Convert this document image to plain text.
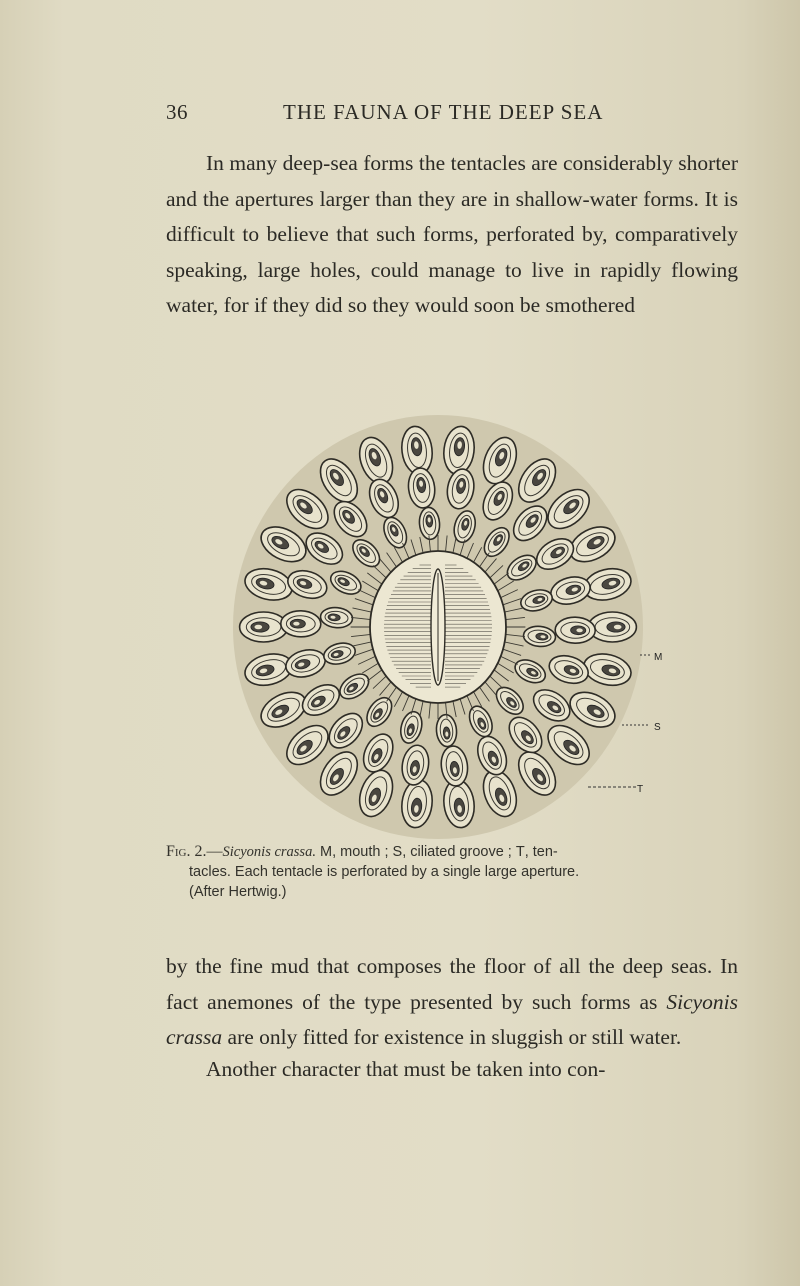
36	THE FAUNA OF THE DEEP SEA

In many deep-sea forms the tentacles are considerably shorter and the apertures larger than they are in shallow-water forms. It is difficult to believe that such forms, perforated by, comparatively speaking, large holes, could manage to live in rapidly flowing water, for if they did so they would soon be smothered

M
S
T

Fig. 2.—Sicyonis crassa. M, mouth ; S, ciliated groove ; T, ten-
tacles. Each tentacle is perforated by a single large aperture.
(After Hertwig.)

by the fine mud that composes the floor of all the deep seas. In fact anemones of the type presented by such forms as Sicyonis crassa are only fitted for existence in sluggish or still water.

Another character that must be taken into con-
